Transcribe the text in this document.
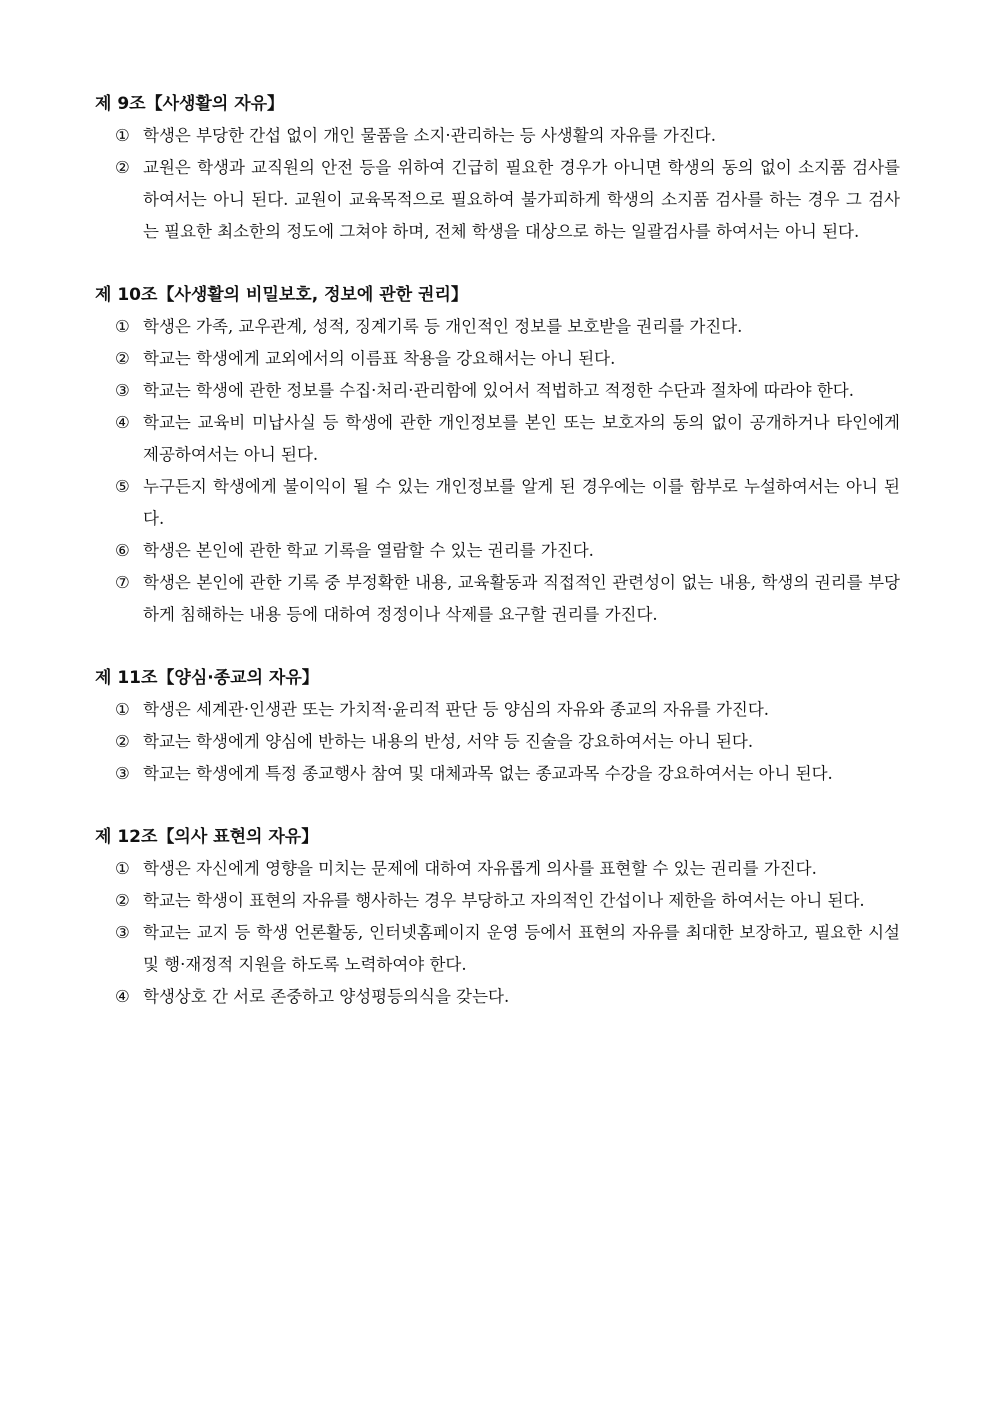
제 9조【사생활의 자유】
① 학생은 부당한 간섭 없이 개인 물품을 소지·관리하는 등 사생활의 자유를 가진다.
② 교원은 학생과 교직원의 안전 등을 위하여 긴급히 필요한 경우가 아니면 학생의 동의 없이 소지품 검사를 하여서는 아니 된다. 교원이 교육목적으로 필요하여 불가피하게 학생의 소지품 검사를 하는 경우 그 검사는 필요한 최소한의 정도에 그쳐야 하며, 전체 학생을 대상으로 하는 일괄검사를 하여서는 아니 된다.
제 10조【사생활의 비밀보호, 정보에 관한 권리】
① 학생은 가족, 교우관계, 성적, 징계기록 등 개인적인 정보를 보호받을 권리를 가진다.
② 학교는 학생에게 교외에서의 이름표 착용을 강요해서는 아니 된다.
③ 학교는 학생에 관한 정보를 수집·처리·관리함에 있어서 적법하고 적정한 수단과 절차에 따라야 한다.
④ 학교는 교육비 미납사실 등 학생에 관한 개인정보를 본인 또는 보호자의 동의 없이 공개하거나 타인에게 제공하여서는 아니 된다.
⑤ 누구든지 학생에게 불이익이 될 수 있는 개인정보를 알게 된 경우에는 이를 함부로 누설하여서는 아니 된다.
⑥ 학생은 본인에 관한 학교 기록을 열람할 수 있는 권리를 가진다.
⑦ 학생은 본인에 관한 기록 중 부정확한 내용, 교육활동과 직접적인 관련성이 없는 내용, 학생의 권리를 부당하게 침해하는 내용 등에 대하여 정정이나 삭제를 요구할 권리를 가진다.
제 11조【양심·종교의 자유】
① 학생은 세계관·인생관 또는 가치적·윤리적 판단 등 양심의 자유와 종교의 자유를 가진다.
② 학교는 학생에게 양심에 반하는 내용의 반성, 서약 등 진술을 강요하여서는 아니 된다.
③ 학교는 학생에게 특정 종교행사 참여 및 대체과목 없는 종교과목 수강을 강요하여서는 아니 된다.
제 12조【의사 표현의 자유】
① 학생은 자신에게 영향을 미치는 문제에 대하여 자유롭게 의사를 표현할 수 있는 권리를 가진다.
② 학교는 학생이 표현의 자유를 행사하는 경우 부당하고 자의적인 간섭이나 제한을 하여서는 아니 된다.
③ 학교는 교지 등 학생 언론활동, 인터넷홈페이지 운영 등에서 표현의 자유를 최대한 보장하고, 필요한 시설 및 행·재정적 지원을 하도록 노력하여야 한다.
④ 학생상호 간 서로 존중하고 양성평등의식을 갖는다.
